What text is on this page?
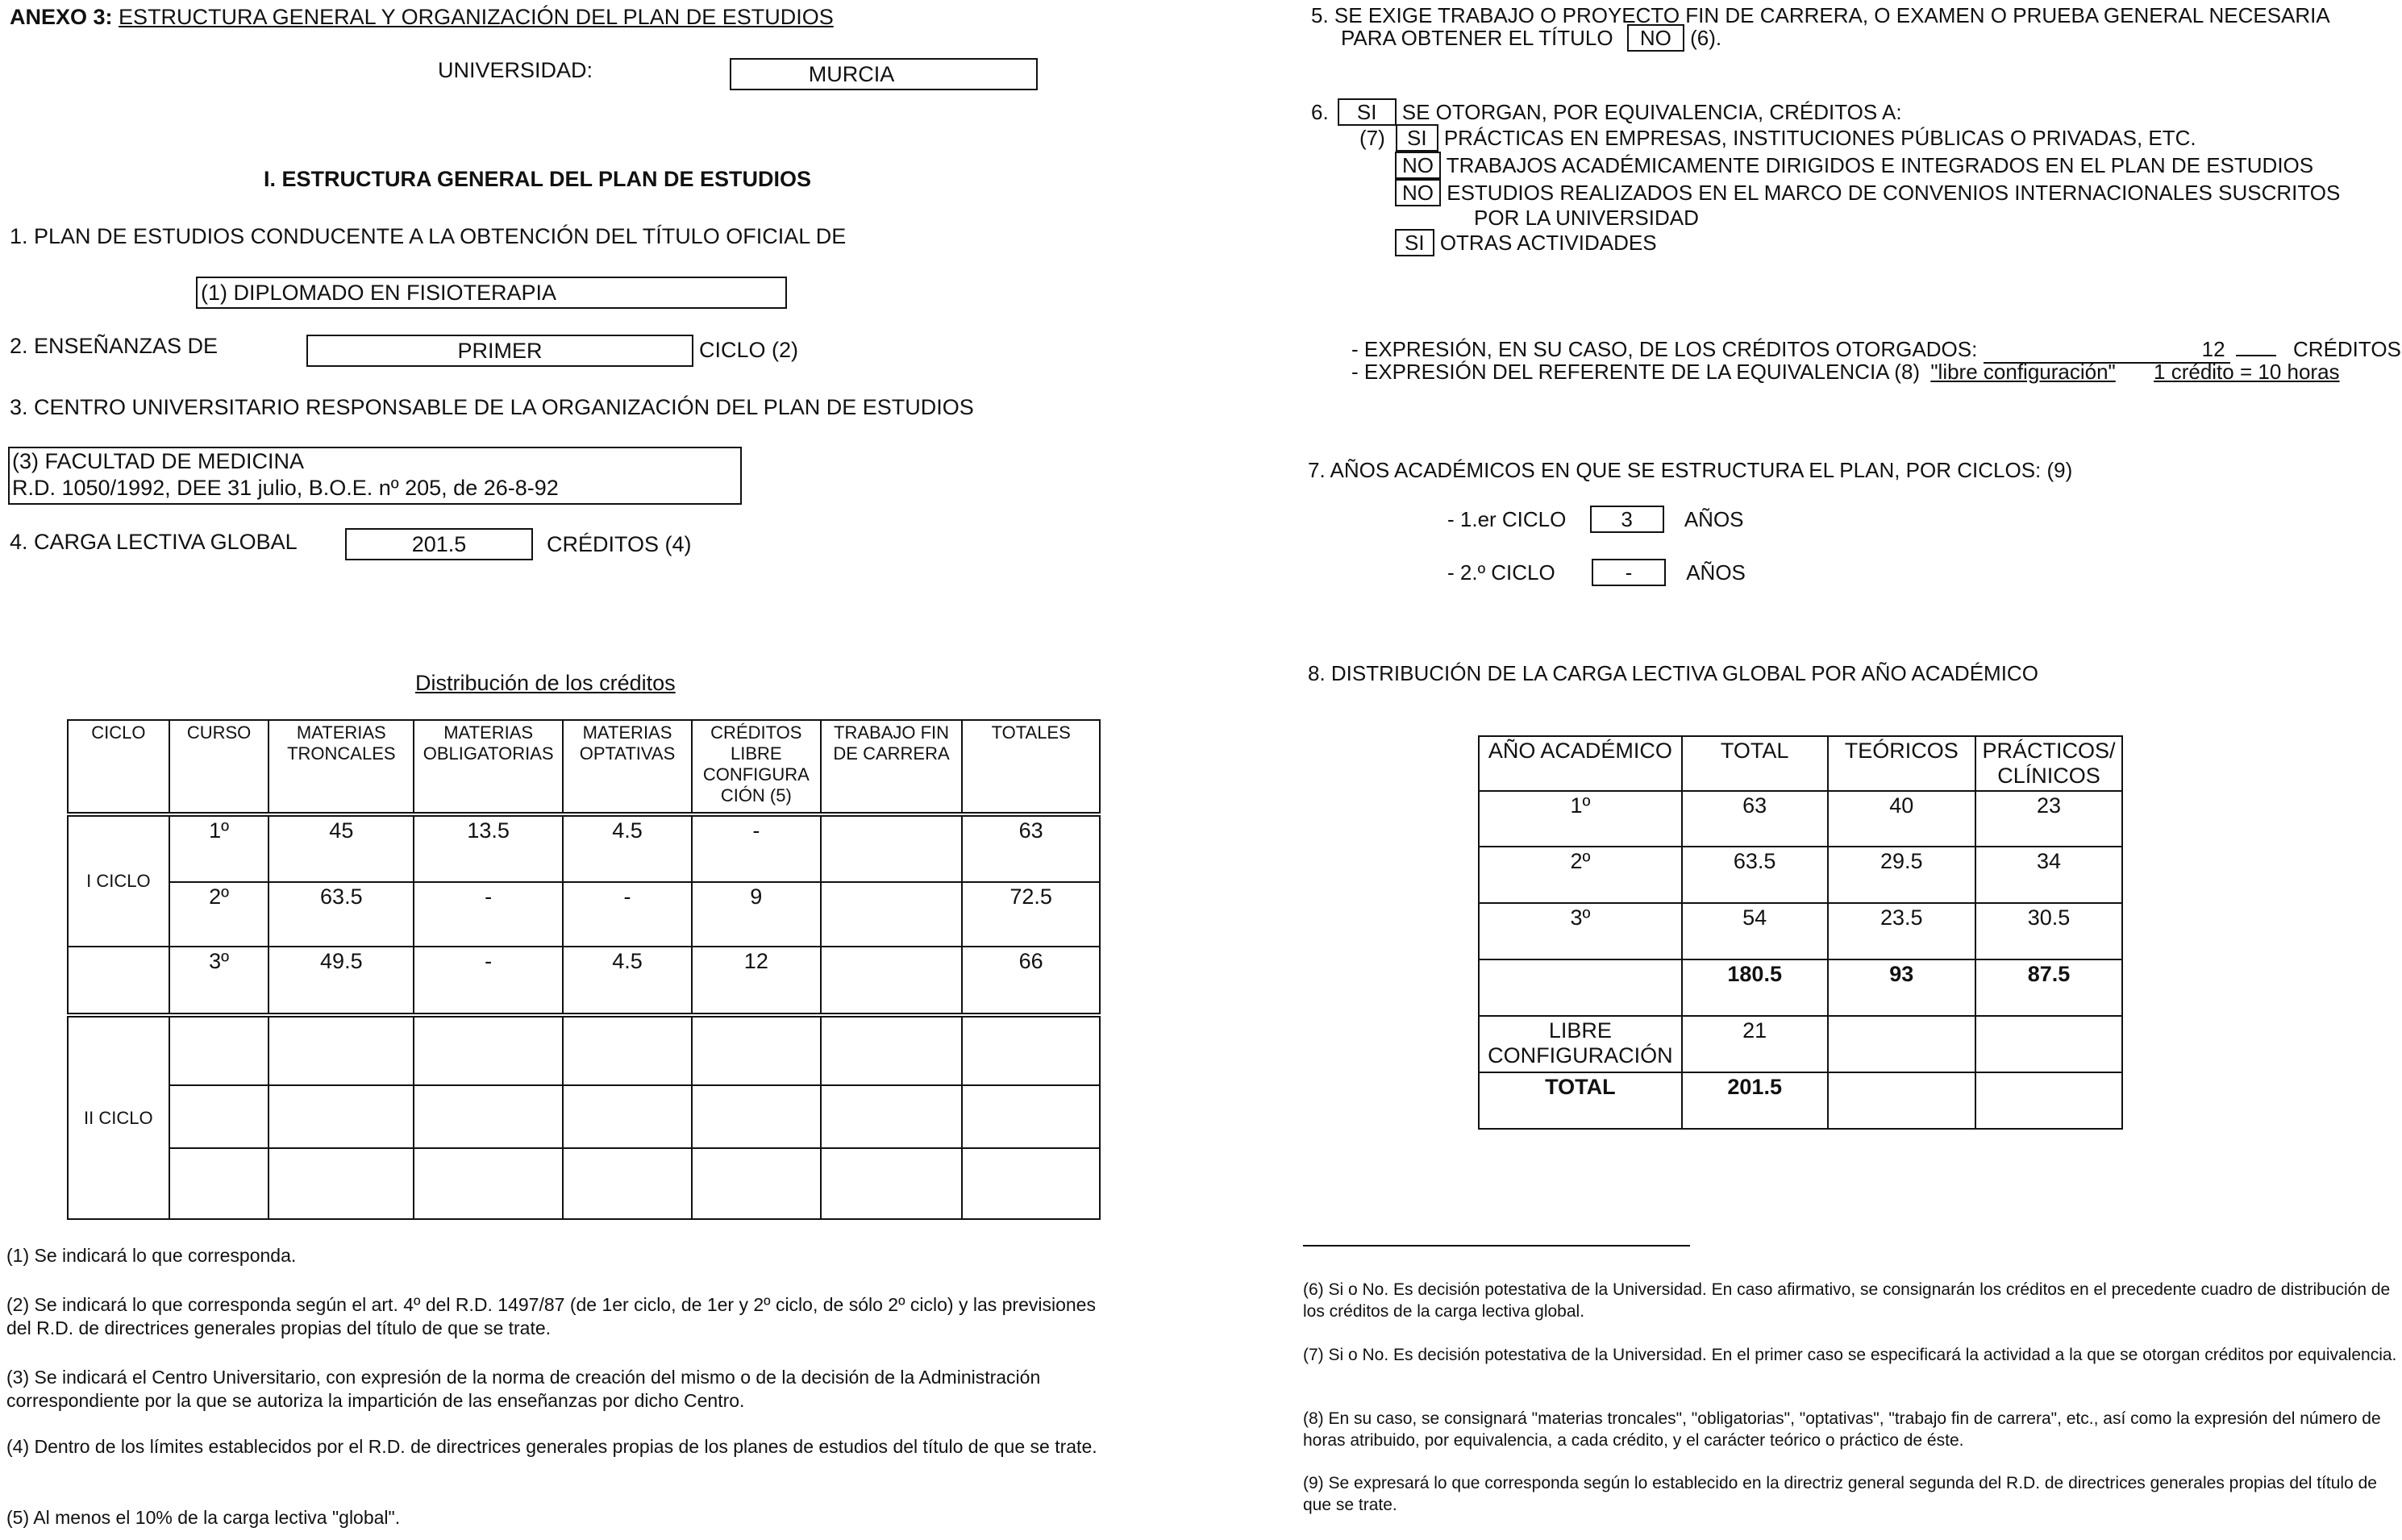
ANEXO 3: ESTRUCTURA GENERAL Y ORGANIZACIÓN DEL PLAN DE ESTUDIOS
UNIVERSIDAD:	MURCIA
I. ESTRUCTURA GENERAL DEL PLAN DE ESTUDIOS
1. PLAN DE ESTUDIOS CONDUCENTE A LA OBTENCIÓN DEL TÍTULO OFICIAL DE
(1) DIPLOMADO EN FISIOTERAPIA
2. ENSEÑANZAS DE	PRIMER	CICLO (2)
3. CENTRO UNIVERSITARIO RESPONSABLE DE LA ORGANIZACIÓN DEL PLAN DE ESTUDIOS
(3) FACULTAD DE MEDICINA
R.D. 1050/1992, DEE 31 julio, B.O.E. nº 205, de 26-8-92
4. CARGA LECTIVA GLOBAL	201.5	CRÉDITOS (4)
Distribución de los créditos
CICLO	CURSO	MATERIAS TRONCALES	MATERIAS OBLIGATORIAS	MATERIAS OPTATIVAS	CRÉDITOS LIBRE CONFIGURA CIÓN (5)	TRABAJO FIN DE CARRERA	TOTALES
I CICLO	1º	45	13.5	4.5	-		63
	2º	63.5	-	-	9		72.5
	3º	49.5	-	4.5	12		66
II CICLO							

(1) Se indicará lo que corresponda.
(2) Se indicará lo que corresponda según el art. 4º del R.D. 1497/87 (de 1er ciclo, de 1er y 2º ciclo, de sólo 2º ciclo) y las previsiones del R.D. de directrices generales propias del título de que se trate.
(3) Se indicará el Centro Universitario, con expresión de la norma de creación del mismo o de la decisión de la Administración correspondiente por la que se autoriza la impartición de las enseñanzas por dicho Centro.
(4) Dentro de los límites establecidos por el R.D. de directrices generales propias de los planes de estudios del título de que se trate.
(5) Al menos el 10% de la carga lectiva "global".
5. SE EXIGE TRABAJO O PROYECTO FIN DE CARRERA, O EXAMEN O PRUEBA GENERAL NECESARIA
PARA OBTENER EL TÍTULO NO (6).
6. SI SE OTORGAN, POR EQUIVALENCIA, CRÉDITOS A:
(7) SI PRÁCTICAS EN EMPRESAS, INSTITUCIONES PÚBLICAS O PRIVADAS, ETC.
NO TRABAJOS ACADÉMICAMENTE DIRIGIDOS E INTEGRADOS EN EL PLAN DE ESTUDIOS
NO ESTUDIOS REALIZADOS EN EL MARCO DE CONVENIOS INTERNACIONALES SUSCRITOS
POR LA UNIVERSIDAD
SI OTRAS ACTIVIDADES
- EXPRESIÓN, EN SU CASO, DE LOS CRÉDITOS OTORGADOS:	12	CRÉDITOS
- EXPRESIÓN DEL REFERENTE DE LA EQUIVALENCIA (8) "libre configuración" 1 crédito = 10 horas
7. AÑOS ACADÉMICOS EN QUE SE ESTRUCTURA EL PLAN, POR CICLOS: (9)
- 1.er CICLO	3 AÑOS
- 2.º CICLO	-	AÑOS
8. DISTRIBUCIÓN DE LA CARGA LECTIVA GLOBAL POR AÑO ACADÉMICO
AÑO ACADÉMICO	TOTAL	TEÓRICOS	PRÁCTICOS/ CLÍNICOS
1º	63	40	23
2º	63.5	29.5	34
3º	54	23.5	30.5
	180.5	93	87.5
LIBRE CONFIGURACIÓN	21		
TOTAL	201.5		
(6) Si o No. Es decisión potestativa de la Universidad. En caso afirmativo, se consignarán los créditos en el precedente cuadro de distribución de los créditos de la carga lectiva global.
(7) Si o No. Es decisión potestativa de la Universidad. En el primer caso se especificará la actividad a la que se otorgan créditos por equivalencia.
(8) En su caso, se consignará "materias troncales", "obligatorias", "optativas", "trabajo fin de carrera", etc., así como la expresión del número de horas atribuido, por equivalencia, a cada crédito, y el carácter teórico o práctico de éste.
(9) Se expresará lo que corresponda según lo establecido en la directriz general segunda del R.D. de directrices generales propias del título de que se trate.
